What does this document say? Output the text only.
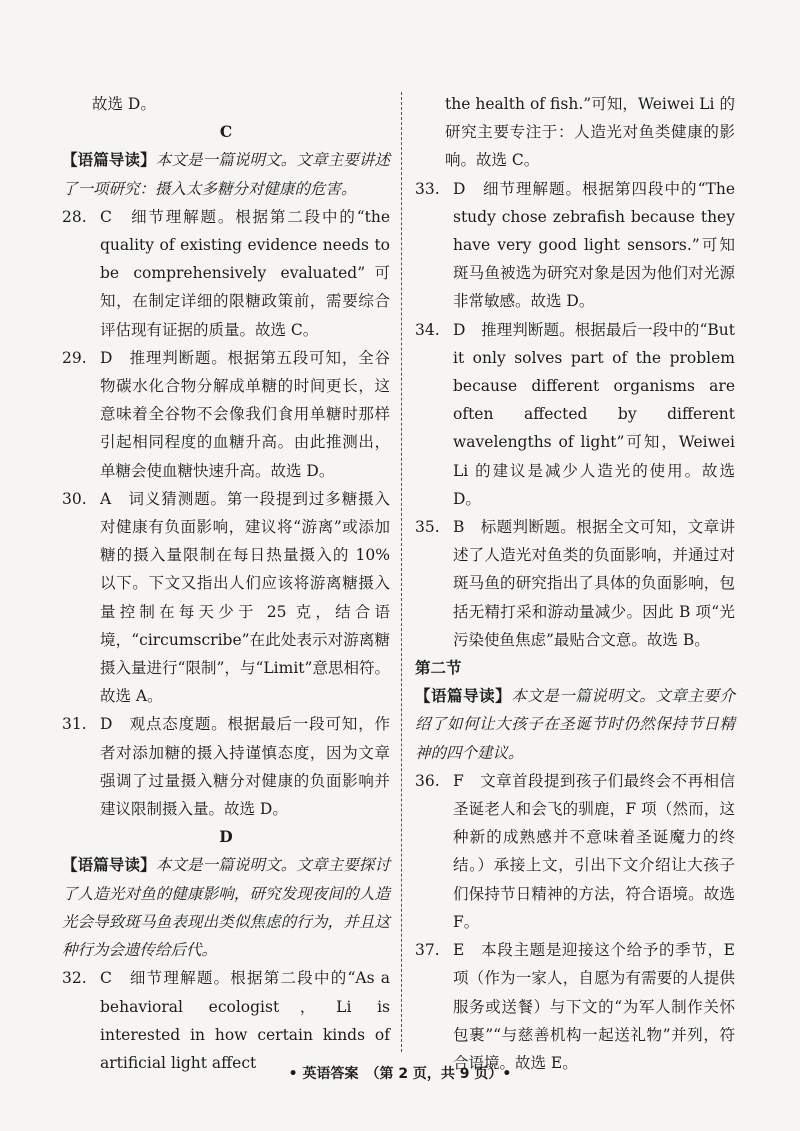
故选 D。

C

【语篇导读】本文是一篇说明文。文章主要讲述了一项研究：摄入太多糖分对健康的危害。

28. C　细节理解题。根据第二段中的“the quality of existing evidence needs to be comprehensively evaluated”可知，在制定详细的限糖政策前，需要综合评估现有证据的质量。故选 C。
29. D　推理判断题。根据第五段可知，全谷物碳水化合物分解成单糖的时间更长，这意味着全谷物不会像我们食用单糖时那样引起相同程度的血糖升高。由此推测出，单糖会使血糖快速升高。故选 D。
30. A　词义猜测题。第一段提到过多糖摄入对健康有负面影响，建议将“游离”或添加糖的摄入量限制在每日热量摄入的 10% 以下。下文又指出人们应该将游离糖摄入量控制在每天少于 25 克，结合语境，“circumscribe”在此处表示对游离糖摄入量进行“限制”，与“Limit”意思相符。故选 A。
31. D　观点态度题。根据最后一段可知，作者对添加糖的摄入持谨慎态度，因为文章强调了过量摄入糖分对健康的负面影响并建议限制摄入量。故选 D。

D

【语篇导读】本文是一篇说明文。文章主要探讨了人造光对鱼的健康影响，研究发现夜间的人造光会导致斑马鱼表现出类似焦虑的行为，并且这种行为会遗传给后代。

32. C　细节理解题。根据第二段中的“As a behavioral ecologist，Li is interested in how certain kinds of artificial light affect

the health of fish.”可知，Weiwei Li 的研究主要专注于：人造光对鱼类健康的影响。故选 C。

33. D　细节理解题。根据第四段中的“The study chose zebrafish because they have very good light sensors.”可知斑马鱼被选为研究对象是因为他们对光源非常敏感。故选 D。
34. D　推理判断题。根据最后一段中的“But it only solves part of the problem because different organisms are often affected by different wavelengths of light”可知，Weiwei Li 的建议是减少人造光的使用。故选 D。
35. B　标题判断题。根据全文可知，文章讲述了人造光对鱼类的负面影响，并通过对斑马鱼的研究指出了具体的负面影响，包括无精打采和游动量减少。因此 B 项“光污染使鱼焦虑”最贴合文意。故选 B。

第二节

【语篇导读】本文是一篇说明文。文章主要介绍了如何让大孩子在圣诞节时仍然保持节日精神的四个建议。

36. F　文章首段提到孩子们最终会不再相信圣诞老人和会飞的驯鹿，F 项（然而，这种新的成熟感并不意味着圣诞魔力的终结。）承接上文，引出下文介绍让大孩子们保持节日精神的方法，符合语境。故选 F。
37. E　本段主题是迎接这个给予的季节，E 项（作为一家人，自愿为有需要的人提供服务或送餐）与下文的“为军人制作关怀包裹”“与慈善机构一起送礼物”并列，符合语境。故选 E。
• 英语答案　（第 2 页，共 9 页）•
